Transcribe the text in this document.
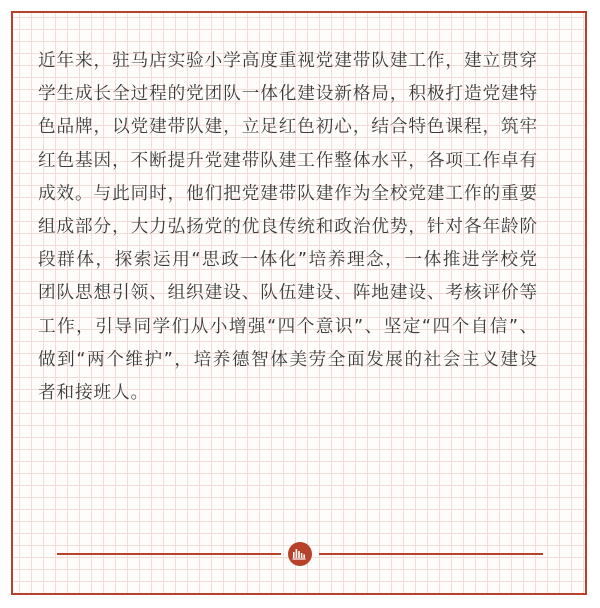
近年来，驻马店实验小学高度重视党建带队建工作，建立贯穿学生成长全过程的党团队一体化建设新格局，积极打造党建特色品牌，以党建带队建，立足红色初心，结合特色课程，筑牢红色基因，不断提升党建带队建工作整体水平，各项工作卓有成效。与此同时，他们把党建带队建作为全校党建工作的重要组成部分，大力弘扬党的优良传统和政治优势，针对各年龄阶段群体，探索运用“思政一体化”培养理念，一体推进学校党团队思想引领、组织建设、队伍建设、阵地建设、考核评价等工作，引导同学们从小增强“四个意识”、坚定“四个自信”、做到“两个维护”，培养德智体美劳全面发展的社会主义建设者和接班人。
